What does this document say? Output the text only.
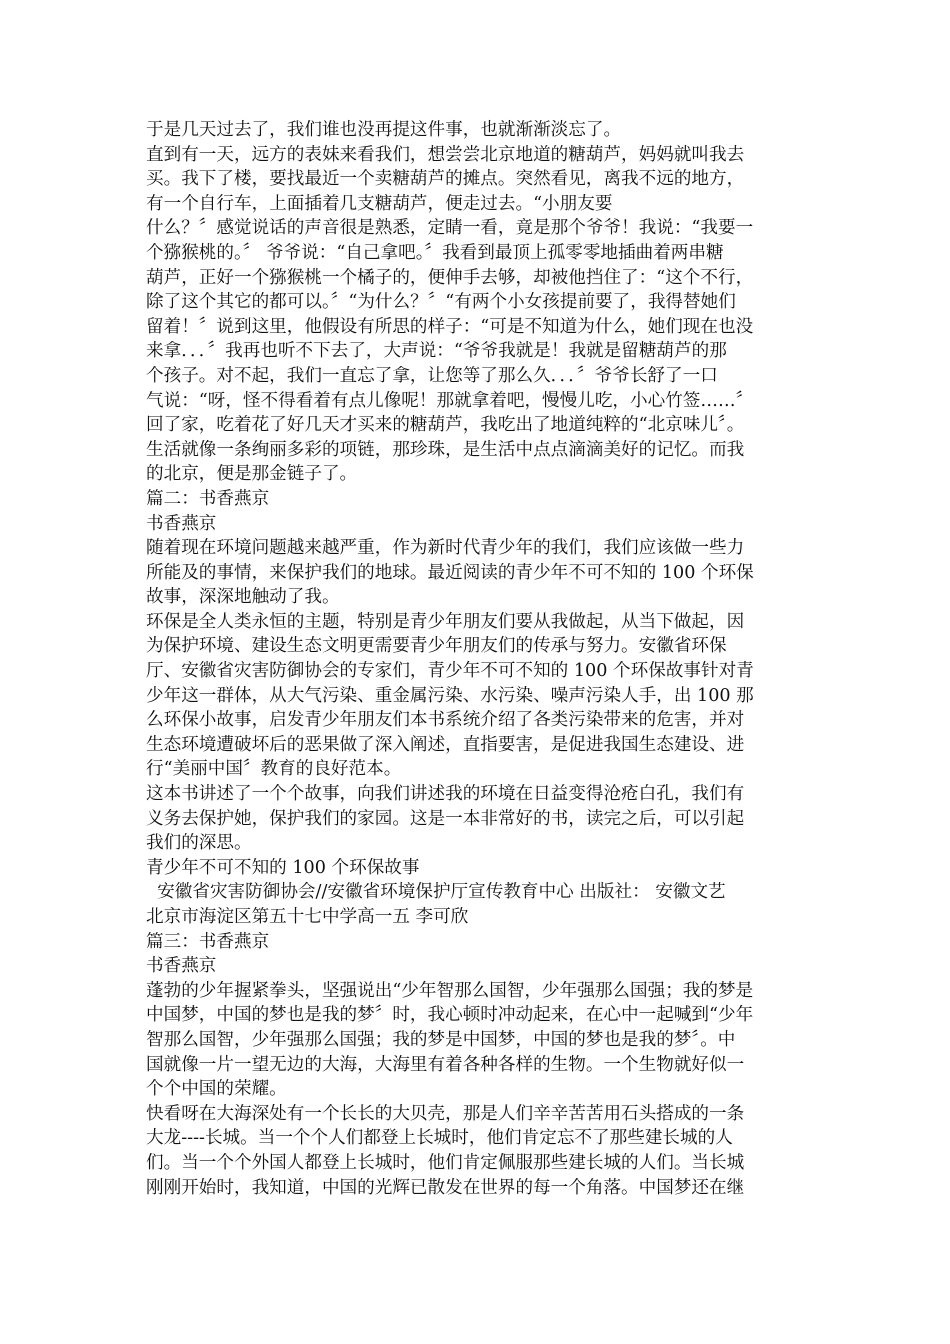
于是几天过去了，我们谁也没再提这件事，也就渐渐淡忘了。
直到有一天，远方的表妹来看我们，想尝尝北京地道的糖葫芦，妈妈就叫我去
买。我下了楼，要找最近一个卖糖葫芦的摊点。突然看见，离我不远的地方，
有一个自行车，上面插着几支糖葫芦，便走过去。“小朋友要
什么？〞感觉说话的声音很是熟悉，定睛一看，竟是那个爷爷！我说：“我要一
个猕猴桃的。〞 爷爷说：“自己拿吧。〞我看到最顶上孤零零地插曲着两串糖
葫芦，正好一个猕猴桃一个橘子的，便伸手去够，却被他挡住了：“这个不行，
除了这个其它的都可以。〞“为什么？〞“有两个小女孩提前要了，我得替她们
留着！〞说到这里，他假设有所思的样子：“可是不知道为什么，她们现在也没
来拿．．．〞我再也听不下去了，大声说：“爷爷我就是！我就是留糖葫芦的那
个孩子。对不起，我们一直忘了拿，让您等了那么久．．．〞爷爷长舒了一口
气说：“呀，怪不得看着有点儿像呢！那就拿着吧，慢慢儿吃，小心竹签……〞
回了家，吃着花了好几天才买来的糖葫芦，我吃出了地道纯粹的“北京味儿〞。
生活就像一条绚丽多彩的项链，那珍珠，是生活中点点滴滴美好的记忆。而我
的北京，便是那金链子了。
篇二：书香燕京
书香燕京
随着现在环境问题越来越严重，作为新时代青少年的我们，我们应该做一些力
所能及的事情，来保护我们的地球。最近阅读的青少年不可不知的 100 个环保
故事，深深地触动了我。
环保是全人类永恒的主题，特别是青少年朋友们要从我做起，从当下做起，因
为保护环境、建设生态文明更需要青少年朋友们的传承与努力。安徽省环保
厅、安徽省灾害防御协会的专家们，青少年不可不知的 100 个环保故事针对青
少年这一群体，从大气污染、重金属污染、水污染、噪声污染人手，出 100 那
么环保小故事，启发青少年朋友们本书系统介绍了各类污染带来的危害，并对
生态环境遭破坏后的恶果做了深入阐述，直指要害，是促进我国生态建设、进
行“美丽中国〞教育的良好范本。
这本书讲述了一个个故事，向我们讲述我的环境在日益变得沧疮白孔，我们有
义务去保护她，保护我们的家园。这是一本非常好的书，读完之后，可以引起
我们的深思。
青少年不可不知的 100 个环保故事
安徽省灾害防御协会//安徽省环境保护厅宣传教育中心 出版社： 安徽文艺
北京市海淀区第五十七中学高一五 李可欣
篇三：书香燕京
书香燕京
蓬勃的少年握紧拳头，坚强说出“少年智那么国智，少年强那么国强；我的梦是
中国梦，中国的梦也是我的梦〞时，我心顿时冲动起来，在心中一起喊到“少年
智那么国智，少年强那么国强；我的梦是中国梦，中国的梦也是我的梦〞。中
国就像一片一望无边的大海，大海里有着各种各样的生物。一个生物就好似一
个个中国的荣耀。
快看呀在大海深处有一个长长的大贝壳，那是人们辛辛苦苦用石头搭成的一条
大龙----长城。当一个个人们都登上长城时，他们肯定忘不了那些建长城的人
们。当一个个外国人都登上长城时，他们肯定佩服那些建长城的人们。当长城
刚刚开始时，我知道，中国的光辉已散发在世界的每一个角落。中国梦还在继
